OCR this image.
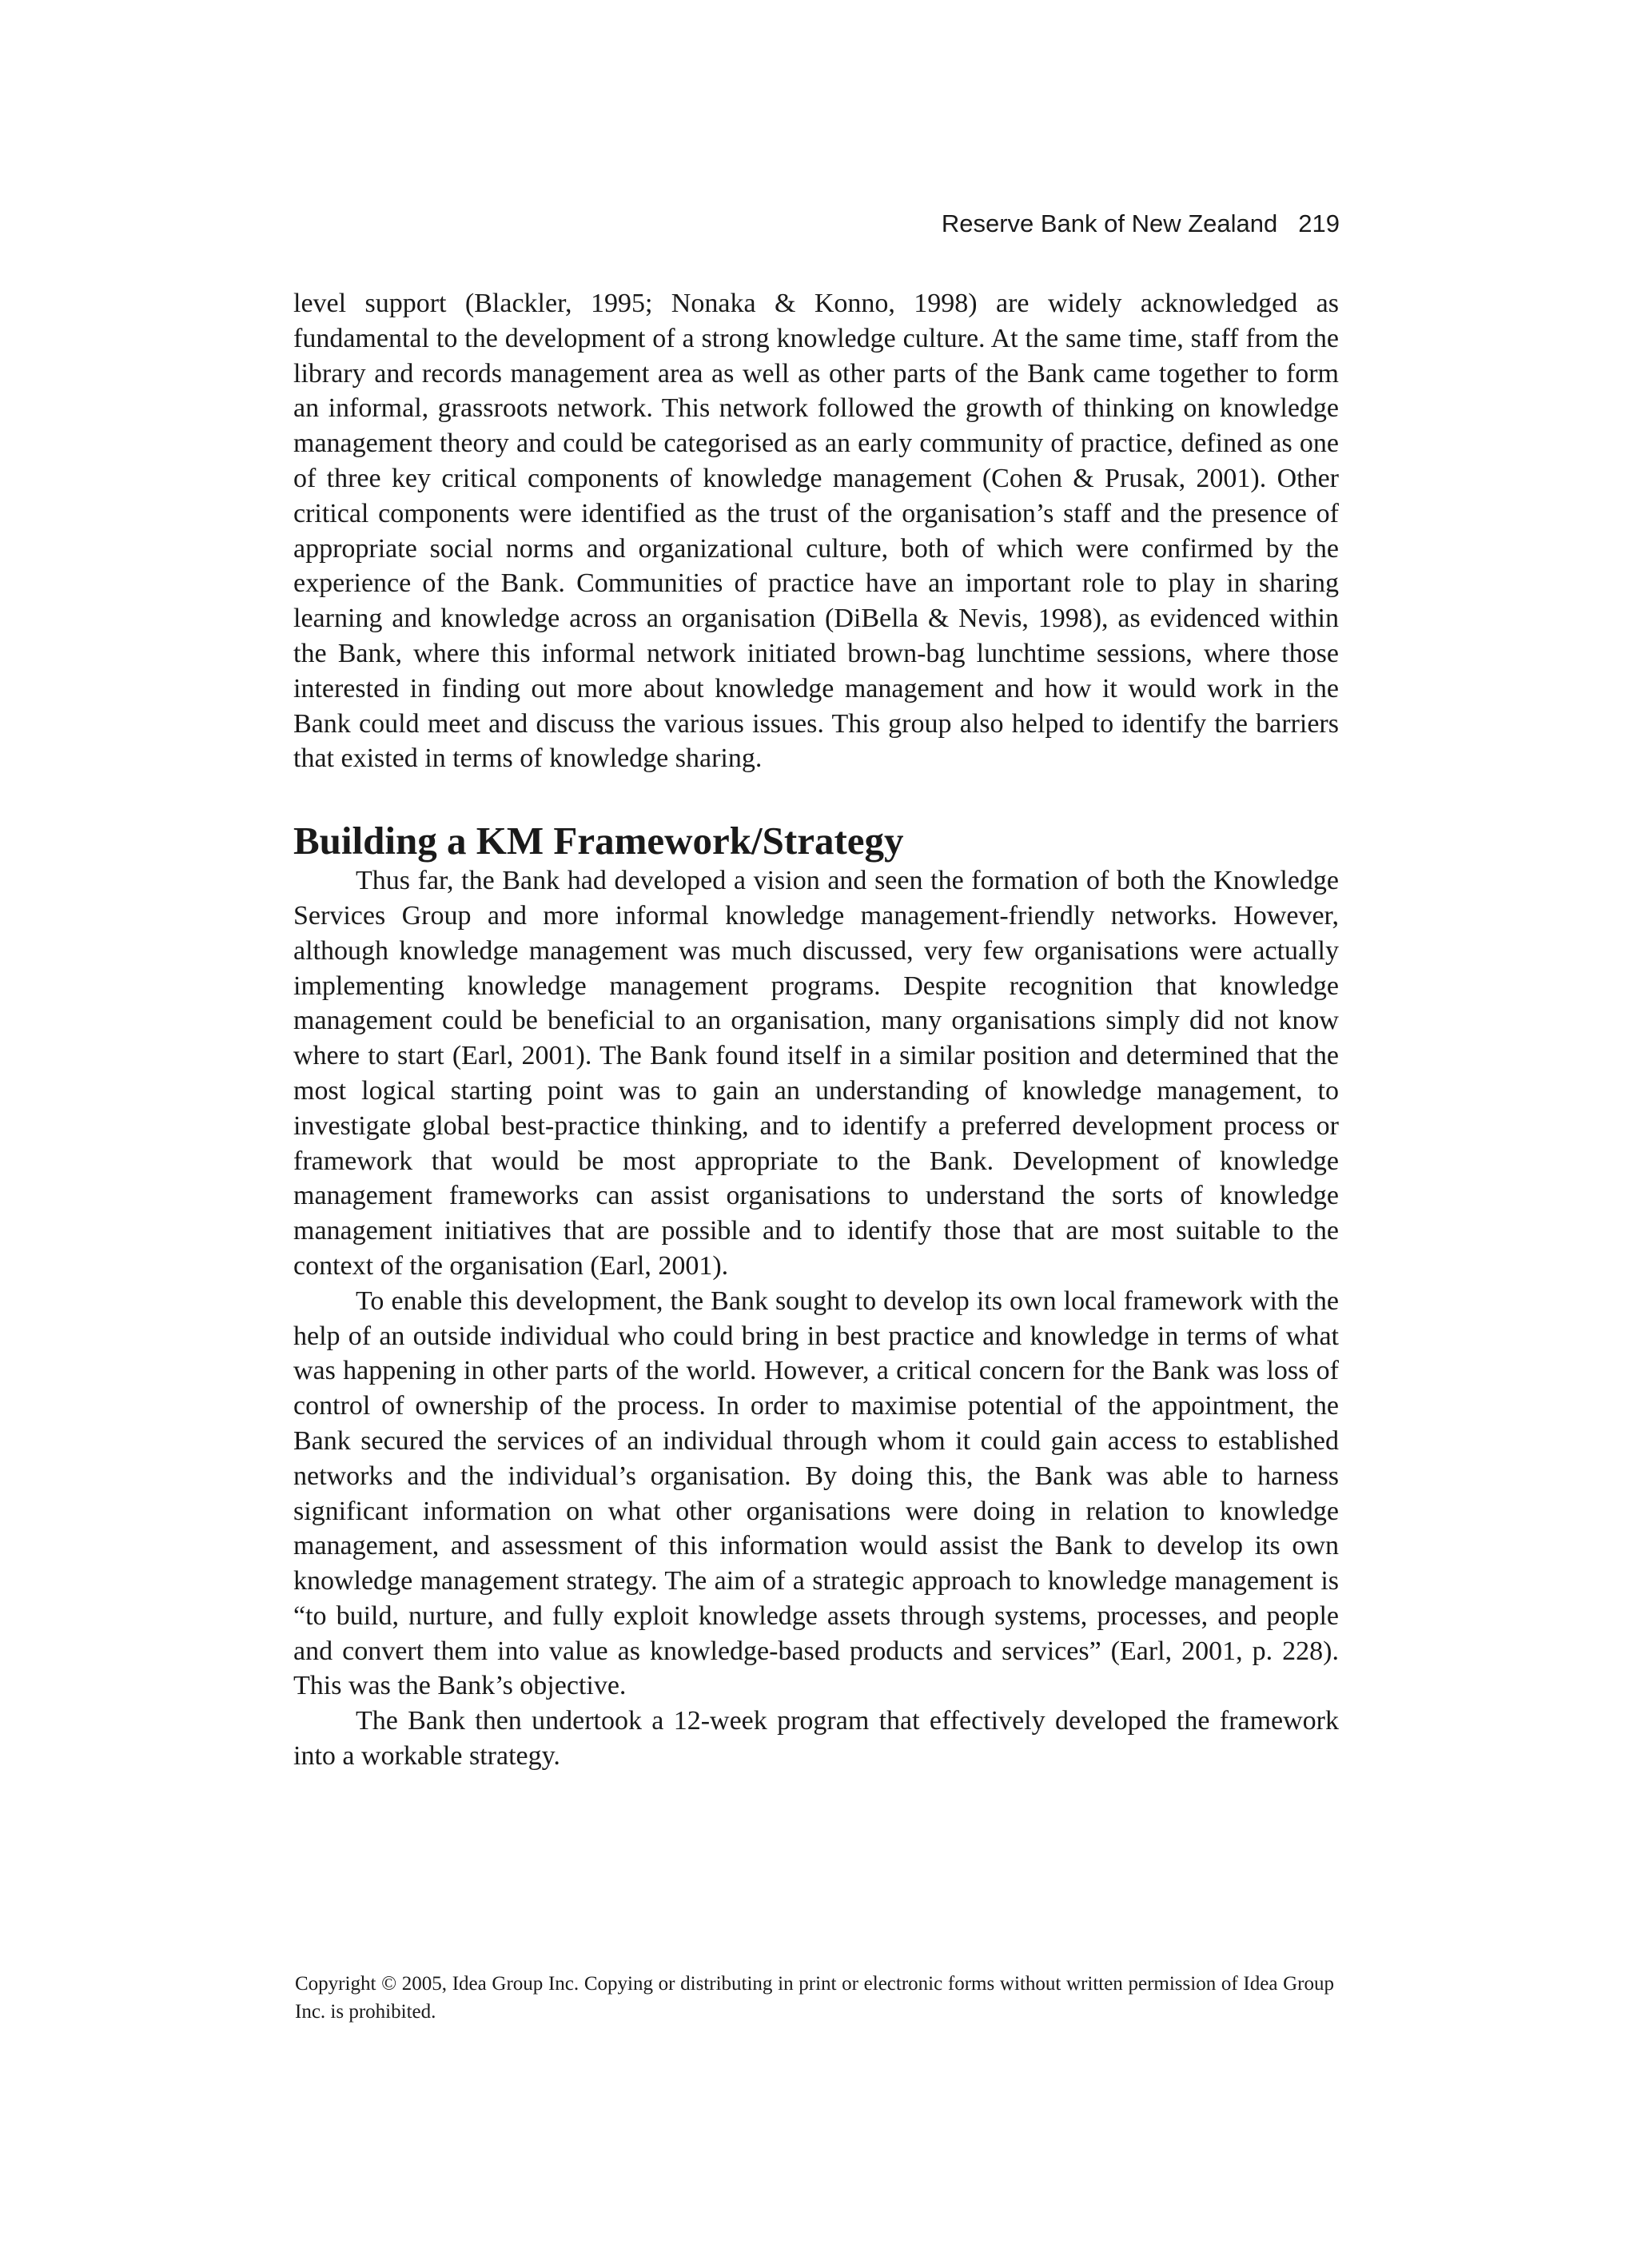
Reserve Bank of New Zealand 219

level support (Blackler, 1995; Nonaka & Konno, 1998) are widely acknowledged as fundamental to the development of a strong knowledge culture. At the same time, staff from the library and records management area as well as other parts of the Bank came together to form an informal, grassroots network. This network followed the growth of thinking on knowledge management theory and could be categorised as an early community of practice, defined as one of three key critical components of knowledge management (Cohen & Prusak, 2001). Other critical components were identified as the trust of the organisation’s staff and the presence of appropriate social norms and organizational culture, both of which were confirmed by the experience of the Bank. Communities of practice have an important role to play in sharing learning and knowledge across an organisation (DiBella & Nevis, 1998), as evidenced within the Bank, where this informal network initiated brown-bag lunchtime sessions, where those interested in finding out more about knowledge management and how it would work in the Bank could meet and discuss the various issues. This group also helped to identify the barriers that existed in terms of knowledge sharing.

Building a KM Framework/Strategy

Thus far, the Bank had developed a vision and seen the formation of both the Knowledge Services Group and more informal knowledge management-friendly networks. However, although knowledge management was much discussed, very few organisations were actually implementing knowledge management programs. Despite recognition that knowledge management could be beneficial to an organisation, many organisations simply did not know where to start (Earl, 2001). The Bank found itself in a similar position and determined that the most logical starting point was to gain an understanding of knowledge management, to investigate global best-practice thinking, and to identify a preferred development process or framework that would be most appropriate to the Bank. Development of knowledge management frameworks can assist organisations to understand the sorts of knowledge management initiatives that are possible and to identify those that are most suitable to the context of the organisation (Earl, 2001).

To enable this development, the Bank sought to develop its own local framework with the help of an outside individual who could bring in best practice and knowledge in terms of what was happening in other parts of the world. However, a critical concern for the Bank was loss of control of ownership of the process. In order to maximise potential of the appointment, the Bank secured the services of an individual through whom it could gain access to established networks and the individual’s organisation. By doing this, the Bank was able to harness significant information on what other organisations were doing in relation to knowledge management, and assessment of this information would assist the Bank to develop its own knowledge management strategy. The aim of a strategic approach to knowledge management is “to build, nurture, and fully exploit knowledge assets through systems, processes, and people and convert them into value as knowledge-based products and services” (Earl, 2001, p. 228). This was the Bank’s objective.

The Bank then undertook a 12-week program that effectively developed the framework into a workable strategy.

Copyright © 2005, Idea Group Inc. Copying or distributing in print or electronic forms without written permission of Idea Group Inc. is prohibited.
